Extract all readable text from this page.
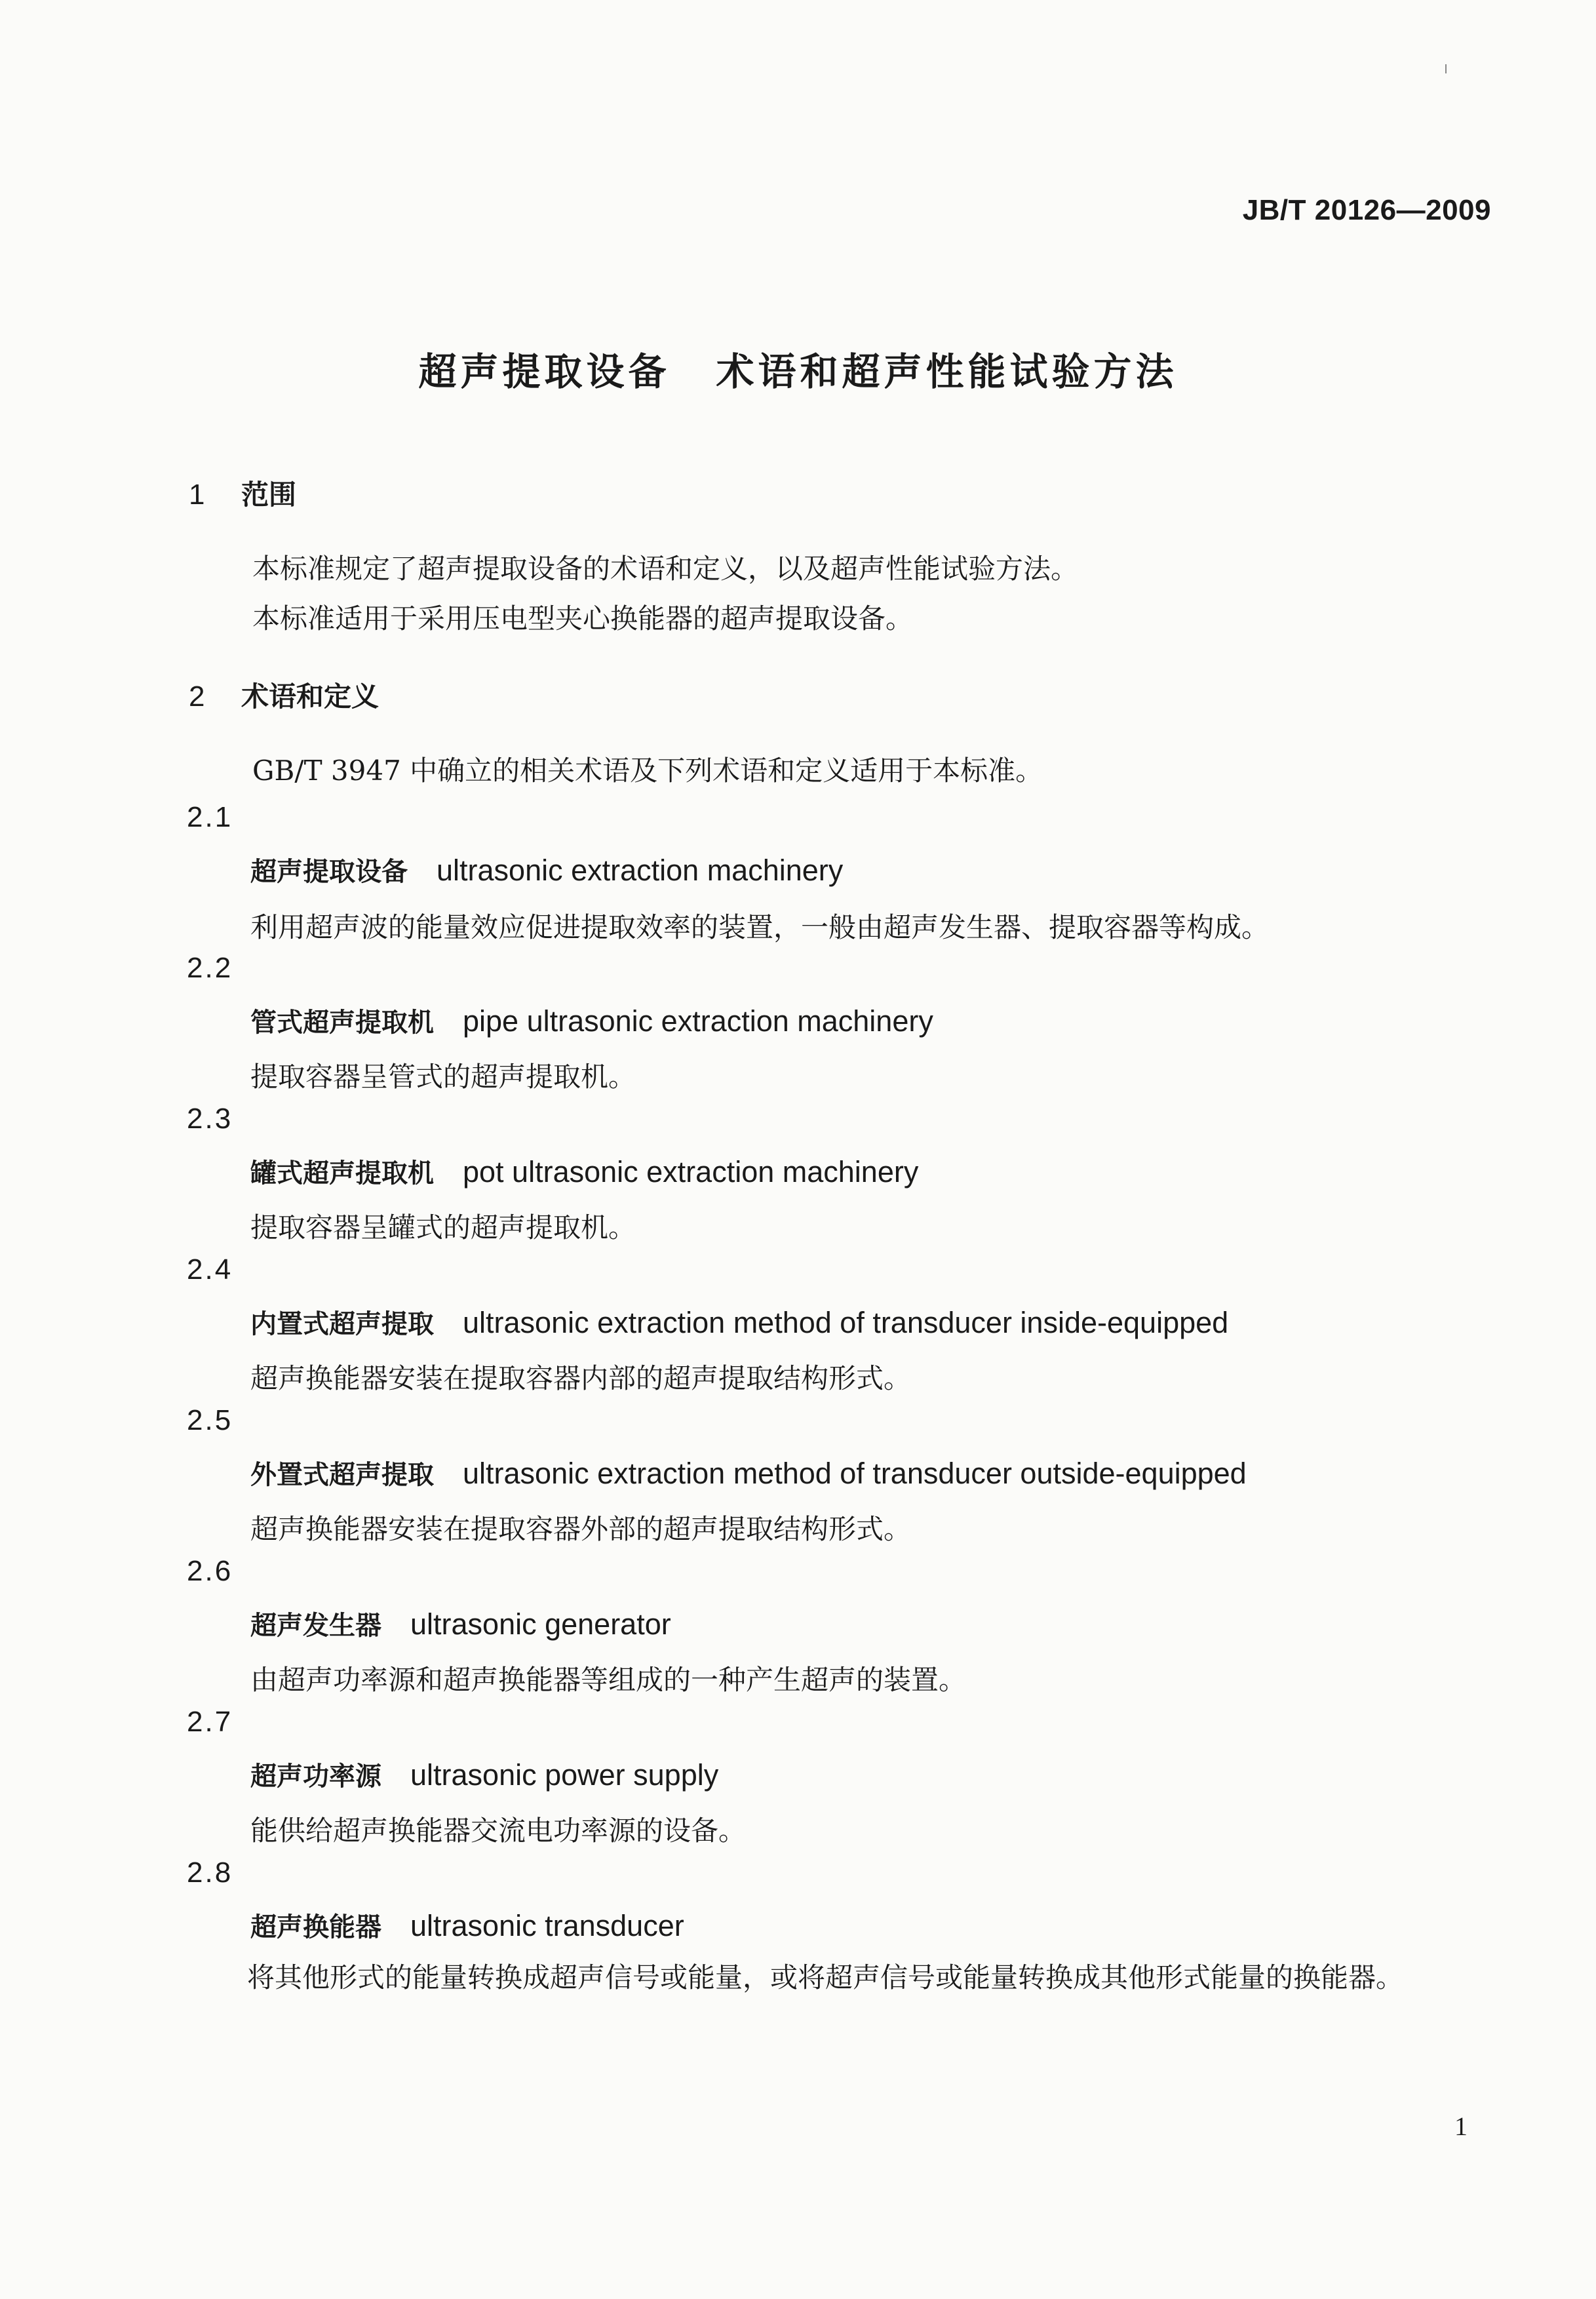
JB/T 20126—2009
超声提取设备 术语和超声性能试验方法
1 范围
本标准规定了超声提取设备的术语和定义，以及超声性能试验方法。
本标准适用于采用压电型夹心换能器的超声提取设备。
2 术语和定义
GB/T 3947 中确立的相关术语及下列术语和定义适用于本标准。
2.1
超声提取设备 ultrasonic extraction machinery
利用超声波的能量效应促进提取效率的装置，一般由超声发生器、提取容器等构成。
2.2
管式超声提取机 pipe ultrasonic extraction machinery
提取容器呈管式的超声提取机。
2.3
罐式超声提取机 pot ultrasonic extraction machinery
提取容器呈罐式的超声提取机。
2.4
内置式超声提取 ultrasonic extraction method of transducer inside-equipped
超声换能器安装在提取容器内部的超声提取结构形式。
2.5
外置式超声提取 ultrasonic extraction method of transducer outside-equipped
超声换能器安装在提取容器外部的超声提取结构形式。
2.6
超声发生器 ultrasonic generator
由超声功率源和超声换能器等组成的一种产生超声的装置。
2.7
超声功率源 ultrasonic power supply
能供给超声换能器交流电功率源的设备。
2.8
超声换能器 ultrasonic transducer
将其他形式的能量转换成超声信号或能量，或将超声信号或能量转换成其他形式能量的换能器。
1
